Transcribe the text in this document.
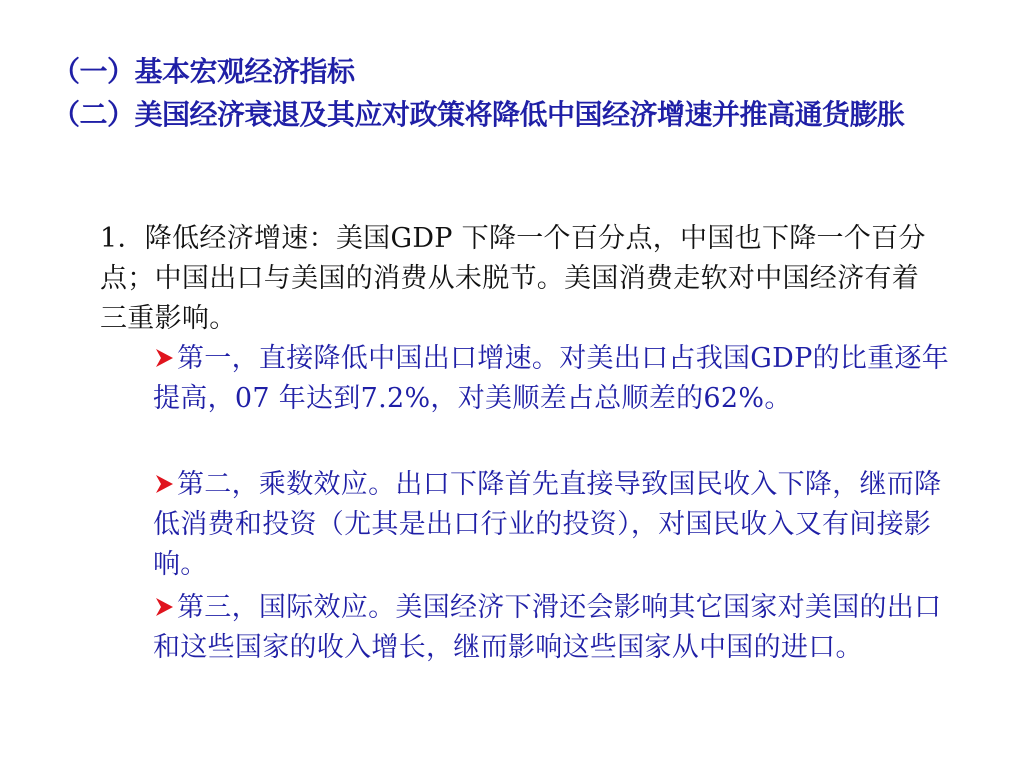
（一）基本宏观经济指标
（二）美国经济衰退及其应对政策将降低中国经济增速并推高通货膨胀
1．降低经济增速：美国GDP 下降一个百分点，中国也下降一个百分点；中国出口与美国的消费从未脱节。美国消费走软对中国经济有着三重影响。
第一，直接降低中国出口增速。对美出口占我国GDP的比重逐年提高，07 年达到7.2%，对美顺差占总顺差的62%。
第二，乘数效应。出口下降首先直接导致国民收入下降，继而降低消费和投资（尤其是出口行业的投资），对国民收入又有间接影响。
第三，国际效应。美国经济下滑还会影响其它国家对美国的出口和这些国家的收入增长，继而影响这些国家从中国的进口。
